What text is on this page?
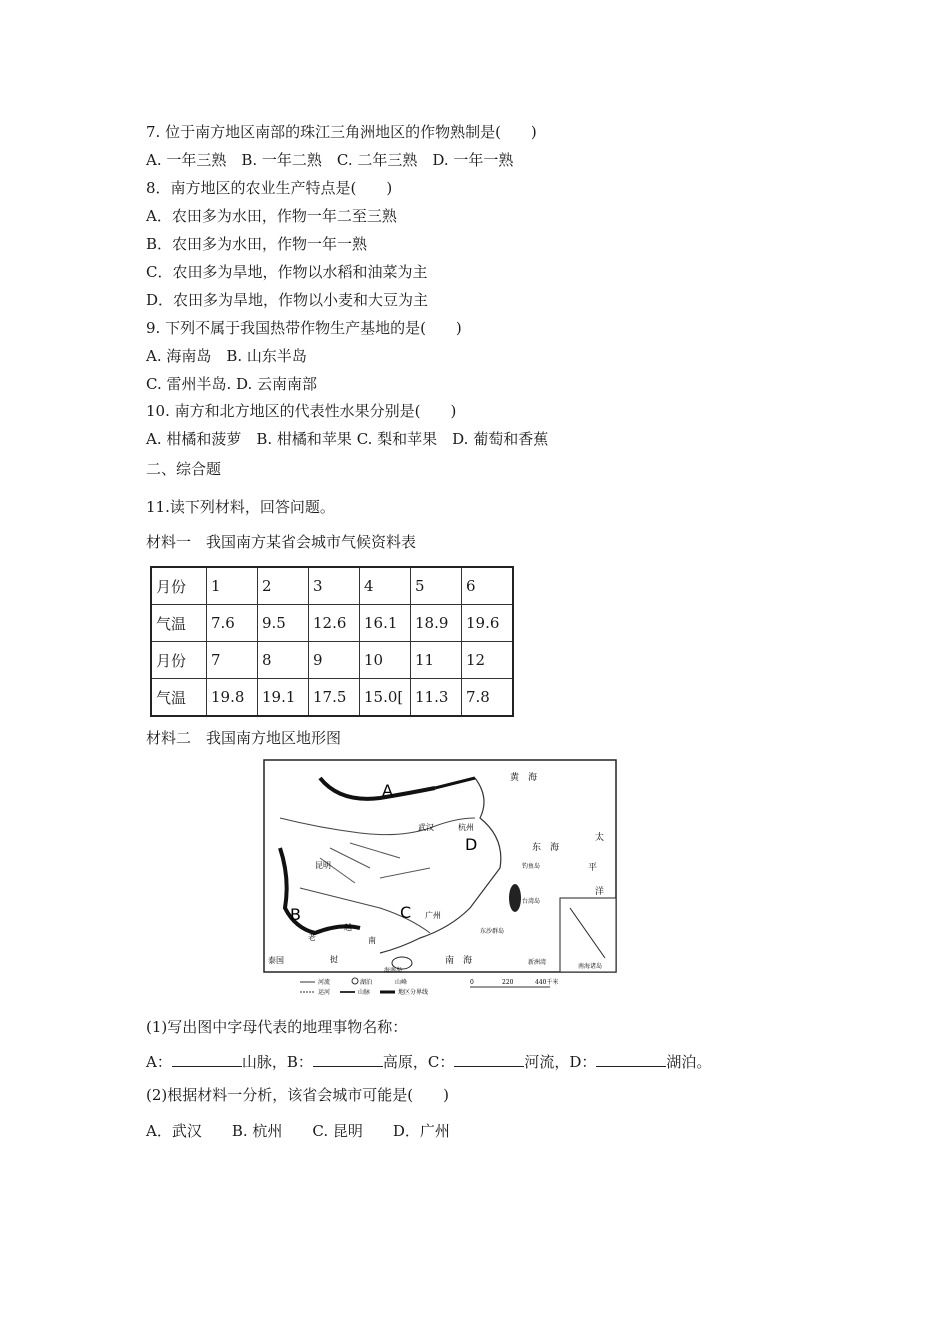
7. 位于南方地区南部的珠江三角洲地区的作物熟制是(　　)
A. 一年三熟　B. 一年二熟　C. 二年三熟　D. 一年一熟
8．南方地区的农业生产特点是(　　)
A．农田多为水田，作物一年二至三熟
B．农田多为水田，作物一年一熟
C．农田多为旱地，作物以水稻和油菜为主
D．农田多为旱地，作物以小麦和大豆为主
9. 下列不属于我国热带作物生产基地的是(　　)
A. 海南岛　B. 山东半岛
C. 雷州半岛. D. 云南南部
10. 南方和北方地区的代表性水果分别是(　　)
A. 柑橘和菠萝　B. 柑橘和苹果 C. 梨和苹果　D. 葡萄和香蕉
二、综合题
11.读下列材料，回答问题。
材料一　我国南方某省会城市气候资料表
月份	1	2	3	4	5	6
气温	7.6	9.5	12.6	16.1	18.9	19.6
月份	7	8	9	10	11	12
气温	19.8	19.1	17.5	15.0[	11.3	7.8
材料二　我国南方地区地形图
A
B	C
D
黄　海
东　海
太
平
洋
南　海
武汉	杭州
昆明
广州
泰国
老
越
南
挝
台湾岛
海南岛
钓鱼岛
东沙群岛
新洲湾
南海诸岛
河流	湖泊	山峰
运河	山脉	地区分界线
0	220	440千米
(1)写出图中字母代表的地理事物名称：
A：	山脉，B：	高原，C：	河流，D：	湖泊。
(2)根据材料一分析，该省会城市可能是(　　)
A．武汉　　B. 杭州　　C. 昆明　　D．广州
